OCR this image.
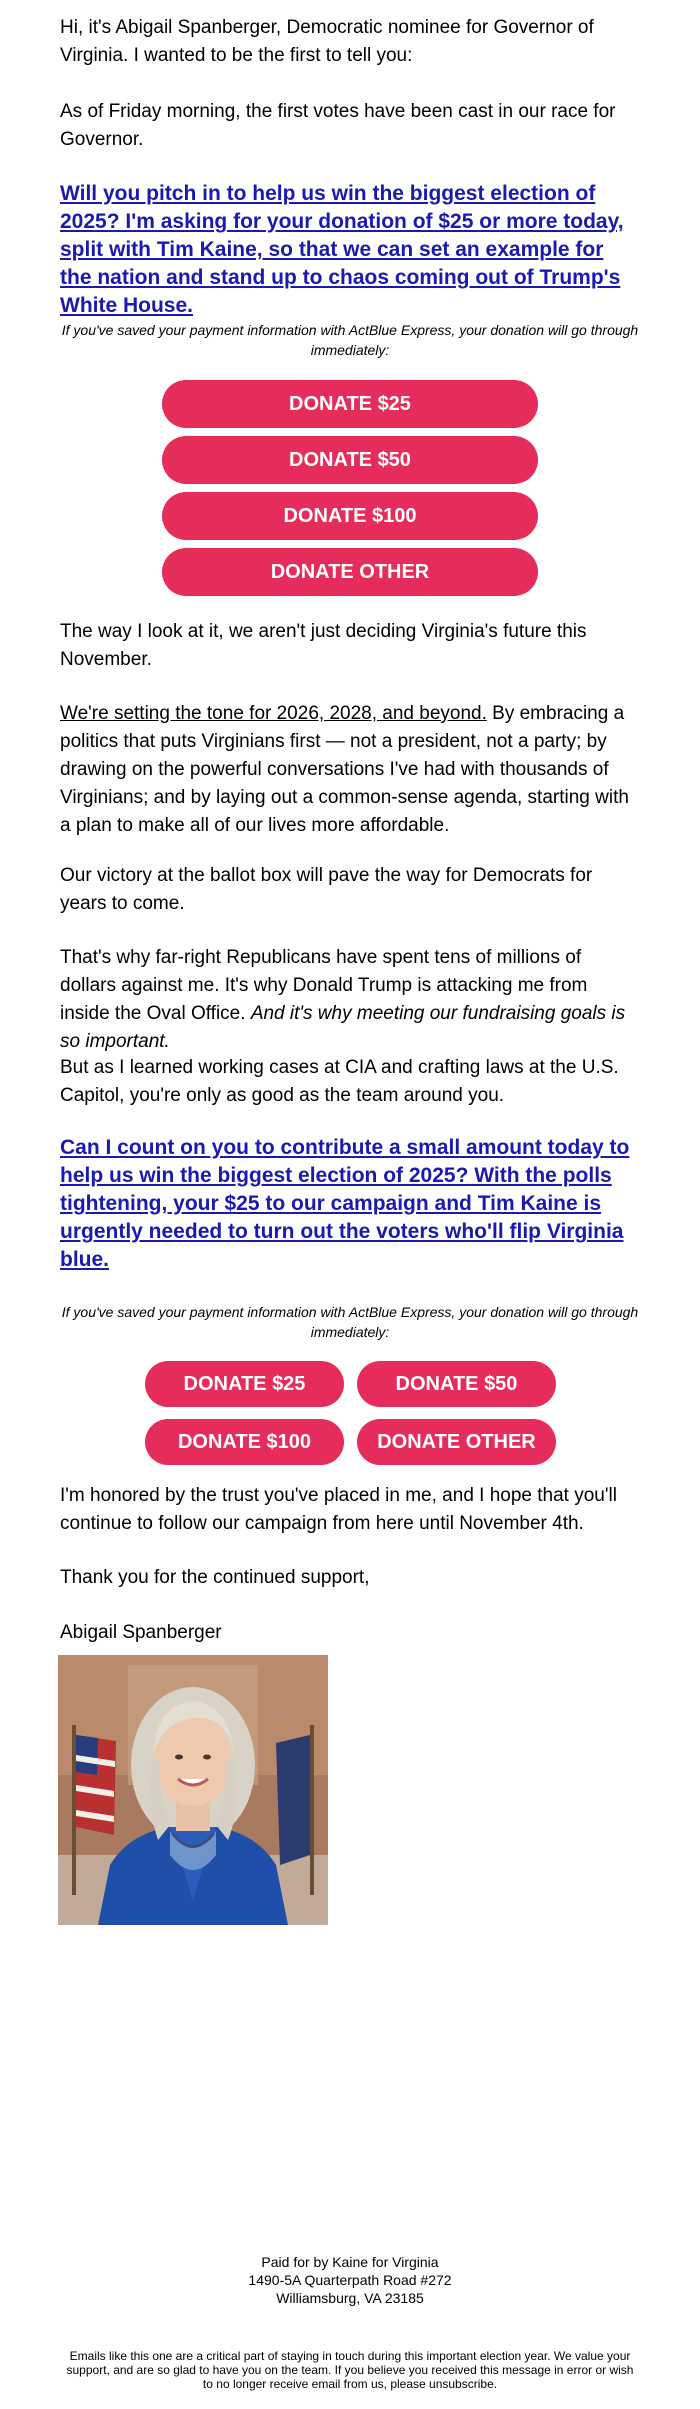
Hi, it's Abigail Spanberger, Democratic nominee for Governor of Virginia. I wanted to be the first to tell you:

As of Friday morning, the first votes have been cast in our race for Governor.

Will you pitch in to help us win the biggest election of 2025? I'm asking for your donation of $25 or more today, split with Tim Kaine, so that we can set an example for the nation and stand up to chaos coming out of Trump's White House.

If you've saved your payment information with ActBlue Express, your donation will go through immediately:

DONATE $25
DONATE $50
DONATE $100
DONATE OTHER

The way I look at it, we aren't just deciding Virginia's future this November.

We're setting the tone for 2026, 2028, and beyond. By embracing a politics that puts Virginians first — not a president, not a party; by drawing on the powerful conversations I've had with thousands of Virginians; and by laying out a common-sense agenda, starting with a plan to make all of our lives more affordable.

Our victory at the ballot box will pave the way for Democrats for years to come.

That's why far-right Republicans have spent tens of millions of dollars against me. It's why Donald Trump is attacking me from inside the Oval Office. And it's why meeting our fundraising goals is so important.

But as I learned working cases at CIA and crafting laws at the U.S. Capitol, you're only as good as the team around you.

Can I count on you to contribute a small amount today to help us win the biggest election of 2025? With the polls tightening, your $25 to our campaign and Tim Kaine is urgently needed to turn out the voters who'll flip Virginia blue.

If you've saved your payment information with ActBlue Express, your donation will go through immediately:

DONATE $25	DONATE $50
DONATE $100	DONATE OTHER

I'm honored by the trust you've placed in me, and I hope that you'll continue to follow our campaign from here until November 4th.

Thank you for the continued support,

Abigail Spanberger

Paid for by Kaine for Virginia
1490-5A Quarterpath Road #272
Williamsburg, VA 23185
Emails like this one are a critical part of staying in touch during this important election year. We value your support, and are so glad to have you on the team. If you believe you received this message in error or wish to no longer receive email from us, please unsubscribe.
